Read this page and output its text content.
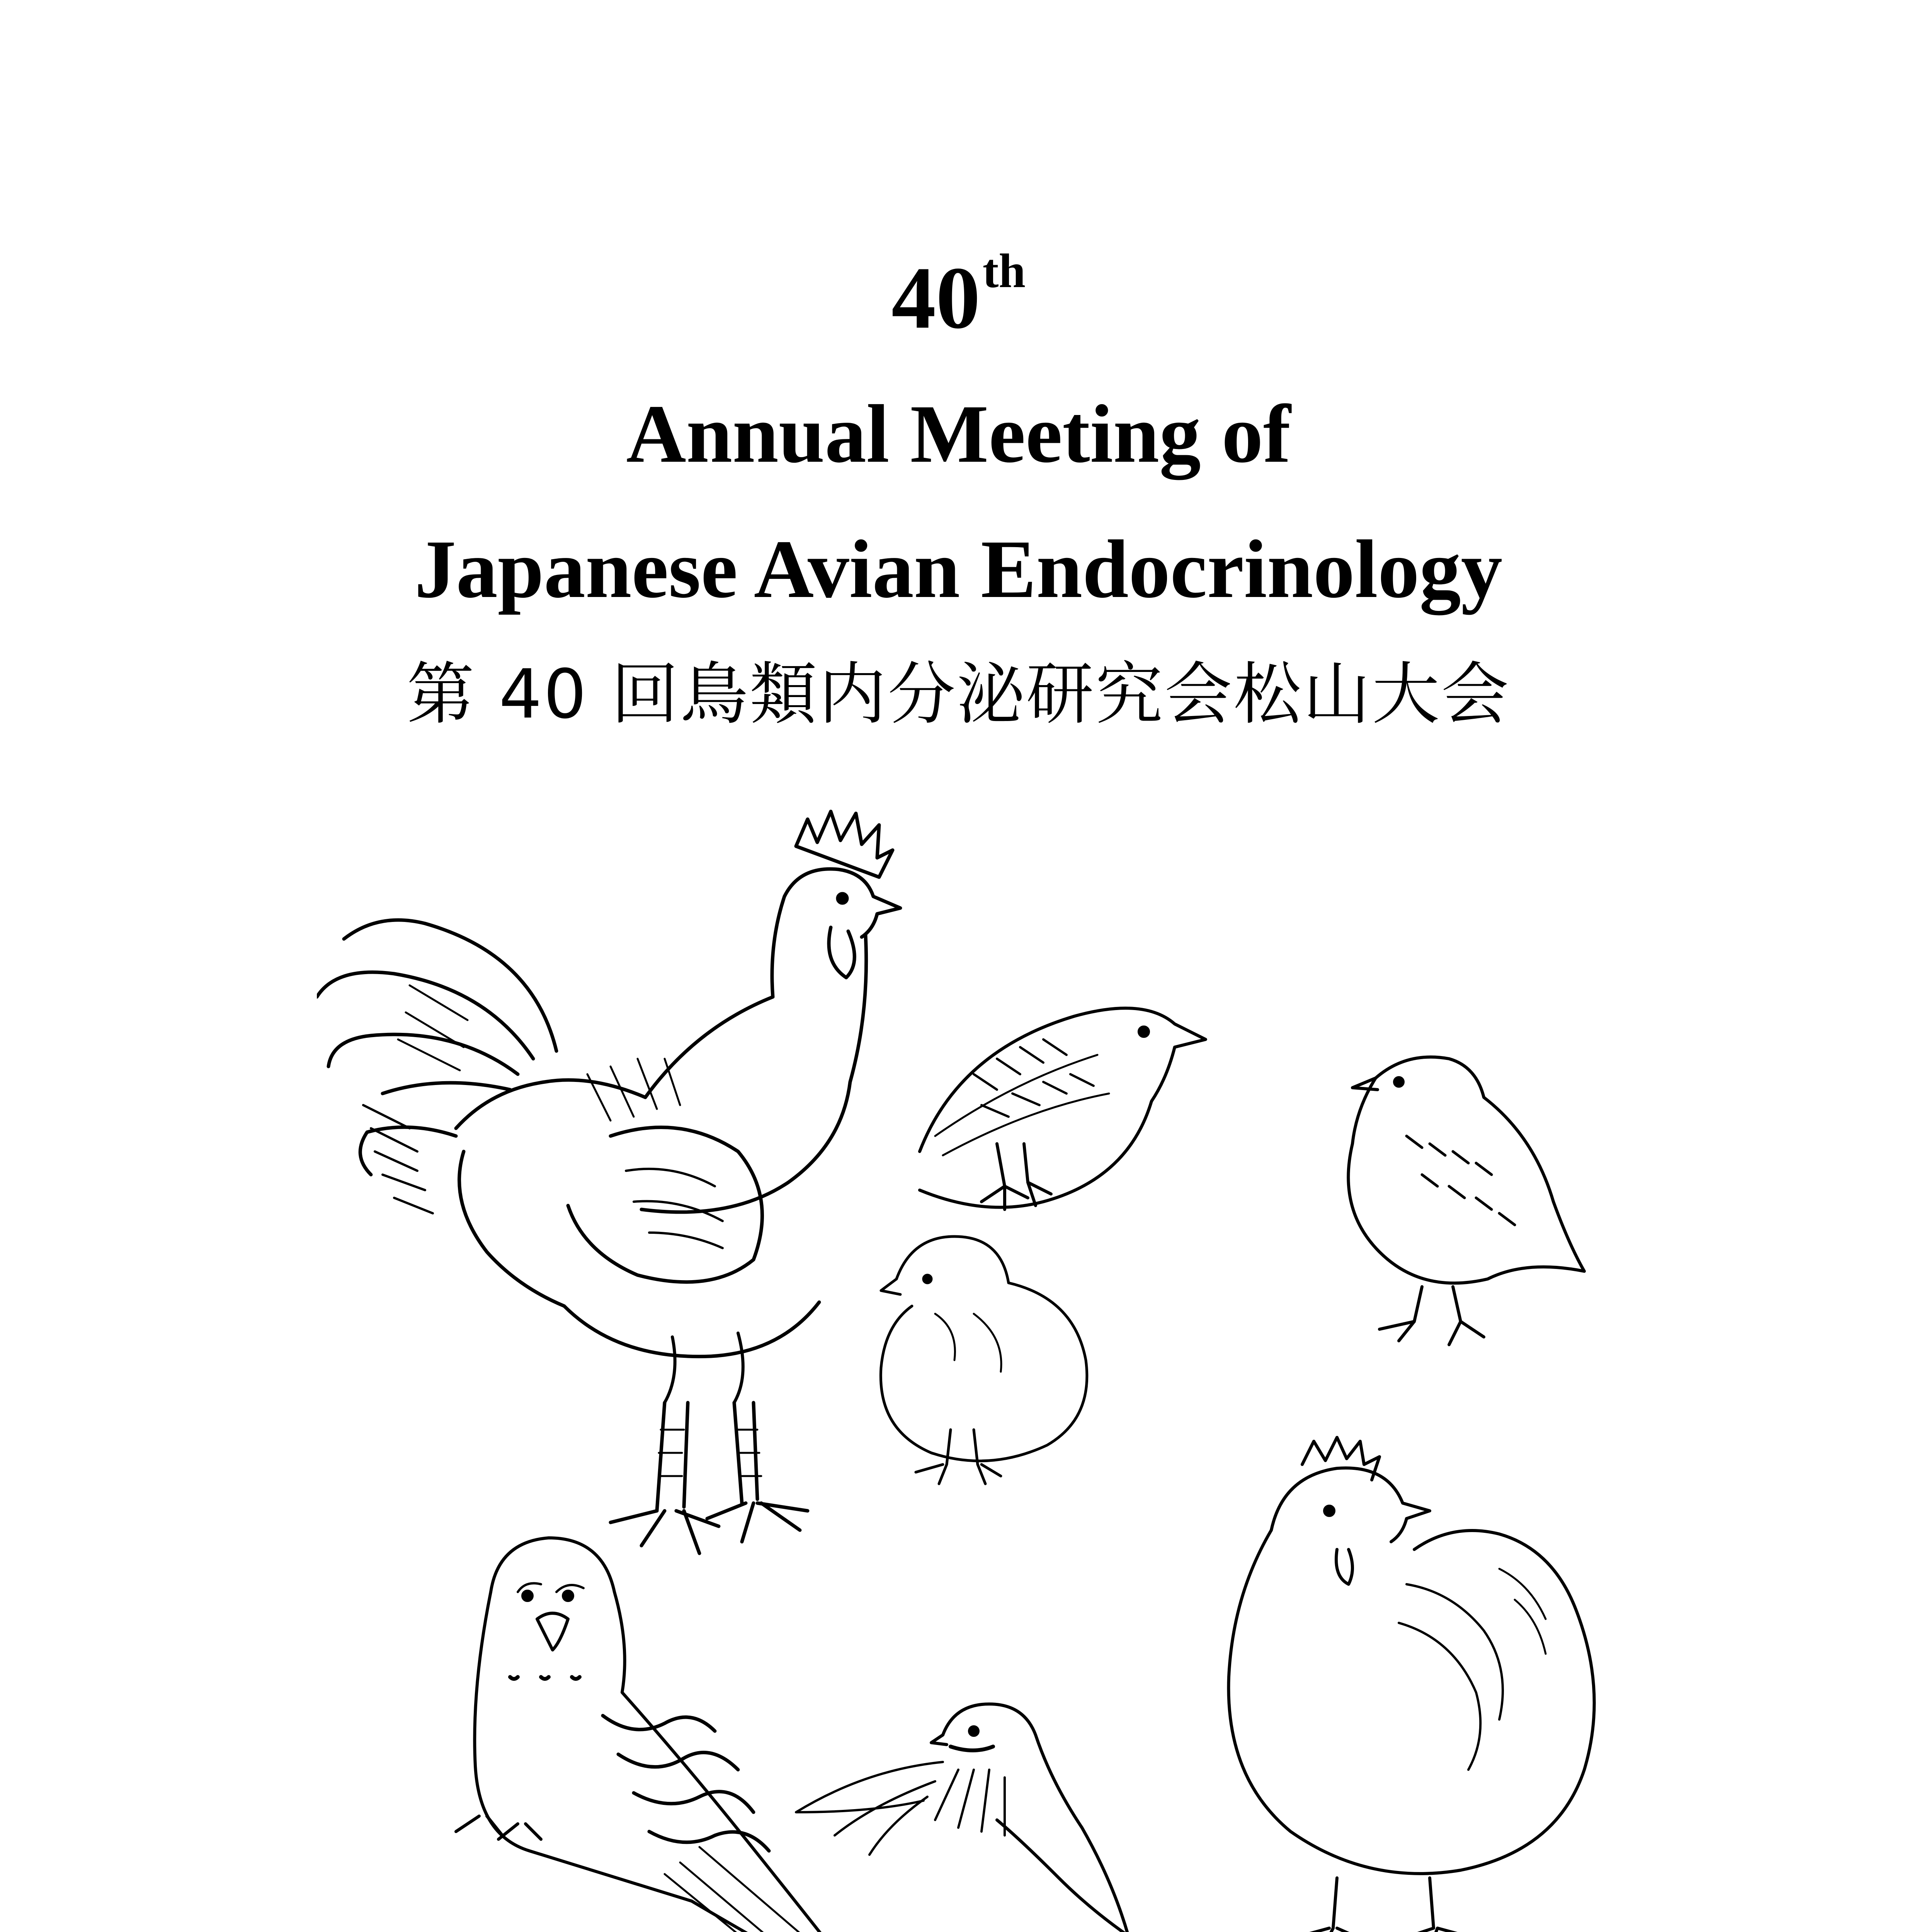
40th
Annual Meeting of
Japanese Avian Endocrinology
第 40 回鳥類内分泌研究会松山大会
